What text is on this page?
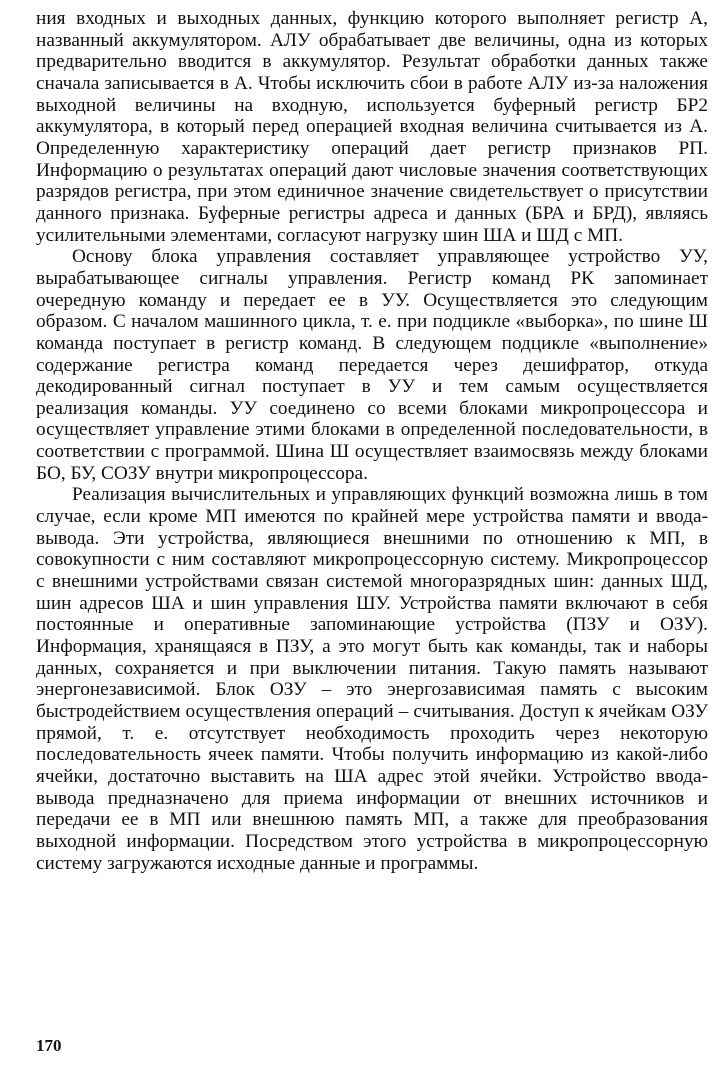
ния входных и выходных данных, функцию которого выполняет регистр А, названный аккумулятором. АЛУ обрабатывает две величины, одна из которых предварительно вводится в аккумулятор. Результат обработки данных также сначала записывается в А. Чтобы исключить сбои в работе АЛУ из-за наложения выходной величины на входную, используется буферный регистр БР2 аккумулятора, в который перед операцией входная величина считывается из А. Определенную характеристику операций дает регистр признаков РП. Информацию о результатах операций дают числовые значения соответствующих разрядов регистра, при этом единичное значение свидетельствует о присутствии данного признака. Буферные регистры адреса и данных (БРА и БРД), являясь усилительными элементами, согласуют нагрузку шин ША и ШД с МП.

Основу блока управления составляет управляющее устройство УУ, вырабатывающее сигналы управления. Регистр команд РК запоминает очередную команду и передает ее в УУ. Осуществляется это следующим образом. С началом машинного цикла, т. е. при подцикле «выборка», по шине Ш команда поступает в регистр команд. В следующем подцикле «выполнение» содержание регистра команд передается через дешифратор, откуда декодированный сигнал поступает в УУ и тем самым осуществляется реализация команды. УУ соединено со всеми блоками микропроцессора и осуществляет управление этими блоками в определенной последовательности, в соответствии с программой. Шина Ш осуществляет взаимосвязь между блоками БО, БУ, СОЗУ внутри микропроцессора.

Реализация вычислительных и управляющих функций возможна лишь в том случае, если кроме МП имеются по крайней мере устройства памяти и ввода-вывода. Эти устройства, являющиеся внешними по отношению к МП, в совокупности с ним составляют микропроцессорную систему. Микропроцессор с внешними устройствами связан системой многоразрядных шин: данных ШД, шин адресов ША и шин управления ШУ. Устройства памяти включают в себя постоянные и оперативные запоминающие устройства (ПЗУ и ОЗУ). Информация, хранящаяся в ПЗУ, а это могут быть как команды, так и наборы данных, сохраняется и при выключении питания. Такую память называют энергонезависимой. Блок ОЗУ – это энергозависимая память с высоким быстродействием осуществления операций – считывания. Доступ к ячейкам ОЗУ прямой, т. е. отсутствует необходимость проходить через некоторую последовательность ячеек памяти. Чтобы получить информацию из какой-либо ячейки, достаточно выставить на ША адрес этой ячейки. Устройство ввода-вывода предназначено для приема информации от внешних источников и передачи ее в МП или внешнюю память МП, а также для преобразования выходной информации. Посредством этого устройства в микропроцессорную систему загружаются исходные данные и программы.

170
